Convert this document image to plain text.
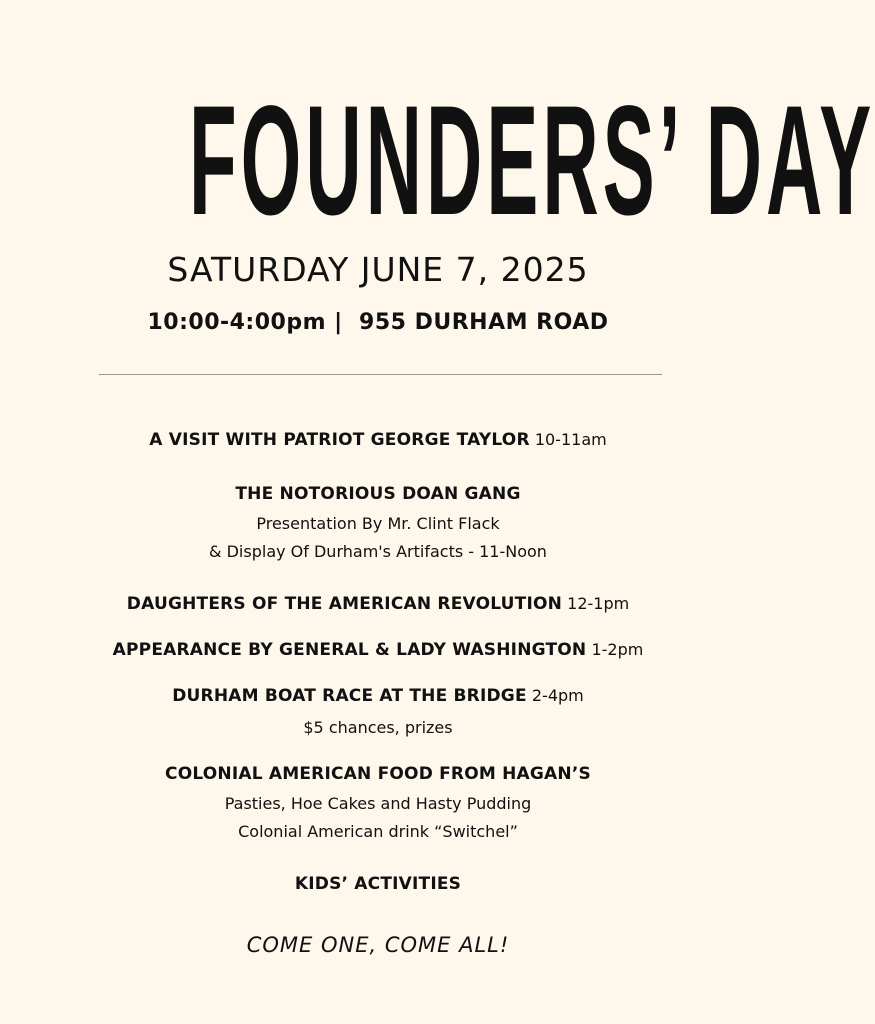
FOUNDERS’ DAY
SATURDAY JUNE 7, 2025
10:00-4:00pm |  955 DURHAM ROAD
A VISIT WITH PATRIOT GEORGE TAYLOR 10-11am
THE NOTORIOUS DOAN GANG
Presentation By Mr. Clint Flack
& Display Of Durham's Artifacts - 11-Noon
DAUGHTERS OF THE AMERICAN REVOLUTION 12-1pm
APPEARANCE BY GENERAL & LADY WASHINGTON 1-2pm
DURHAM BOAT RACE AT THE BRIDGE 2-4pm
$5 chances, prizes
COLONIAL AMERICAN FOOD FROM HAGAN’S
Pasties, Hoe Cakes and Hasty Pudding
Colonial American drink “Switchel”
KIDS’ ACTIVITIES
COME ONE, COME ALL!
